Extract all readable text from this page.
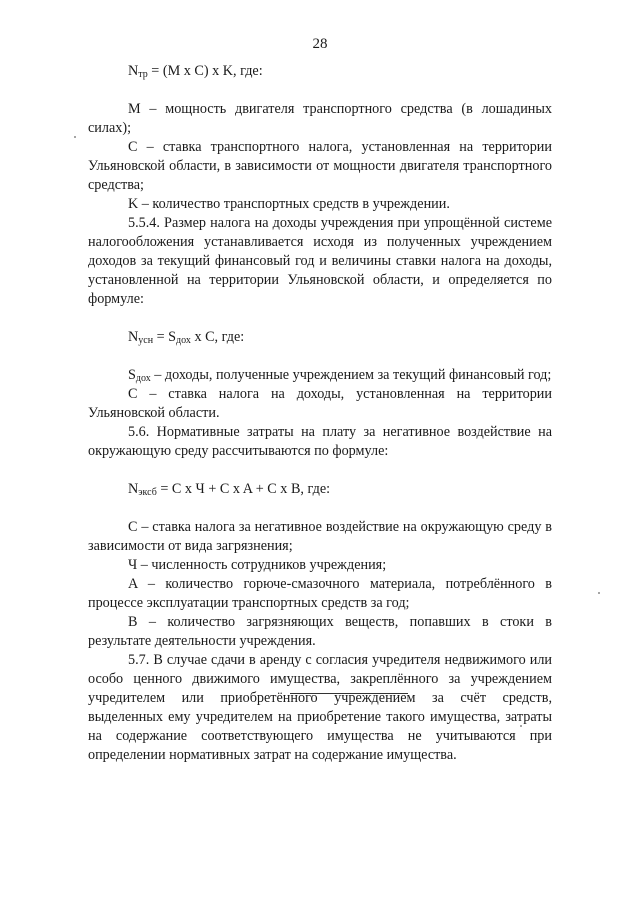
28

$N_{тр} = (M$ x C) x K, где:

M – мощность двигателя транспортного средства (в лошадиных силах);

C – ставка транспортного налога, установленная на территории Ульяновской области, в зависимости от мощности двигателя транспортного средства;

K – количество транспортных средств в учреждении.

5.5.4. Размер налога на доходы учреждения при упрощённой системе налогообложения устанавливается исходя из полученных учреждением доходов за текущий финансовый год и величины ставки налога на доходы, установленной на территории Ульяновской области, и определяется по формуле:

$N_{усн} = S_{дох}$ x C, где:

$S_{дох}$ – доходы, полученные учреждением за текущий финансовый год;

C – ставка налога на доходы, установленная на территории Ульяновской области.

5.6. Нормативные затраты на плату за негативное воздействие на окружающую среду рассчитываются по формуле:

$N_{эксб} = C$ x Ч + C x A + C x B, где:

C – ставка налога за негативное воздействие на окружающую среду в зависимости от вида загрязнения;

Ч – численность сотрудников учреждения;

A – количество горюче-смазочного материала, потреблённого в процессе эксплуатации транспортных средств за год;

B – количество загрязняющих веществ, попавших в стоки в результате деятельности учреждения.

5.7. В случае сдачи в аренду с согласия учредителя недвижимого или особо ценного движимого имущества, закреплённого за учреждением учредителем или приобретённого учреждением за счёт средств, выделенных ему учредителем на приобретение такого имущества, затраты на содержание соответствующего имущества не учитываются при определении нормативных затрат на содержание имущества.
